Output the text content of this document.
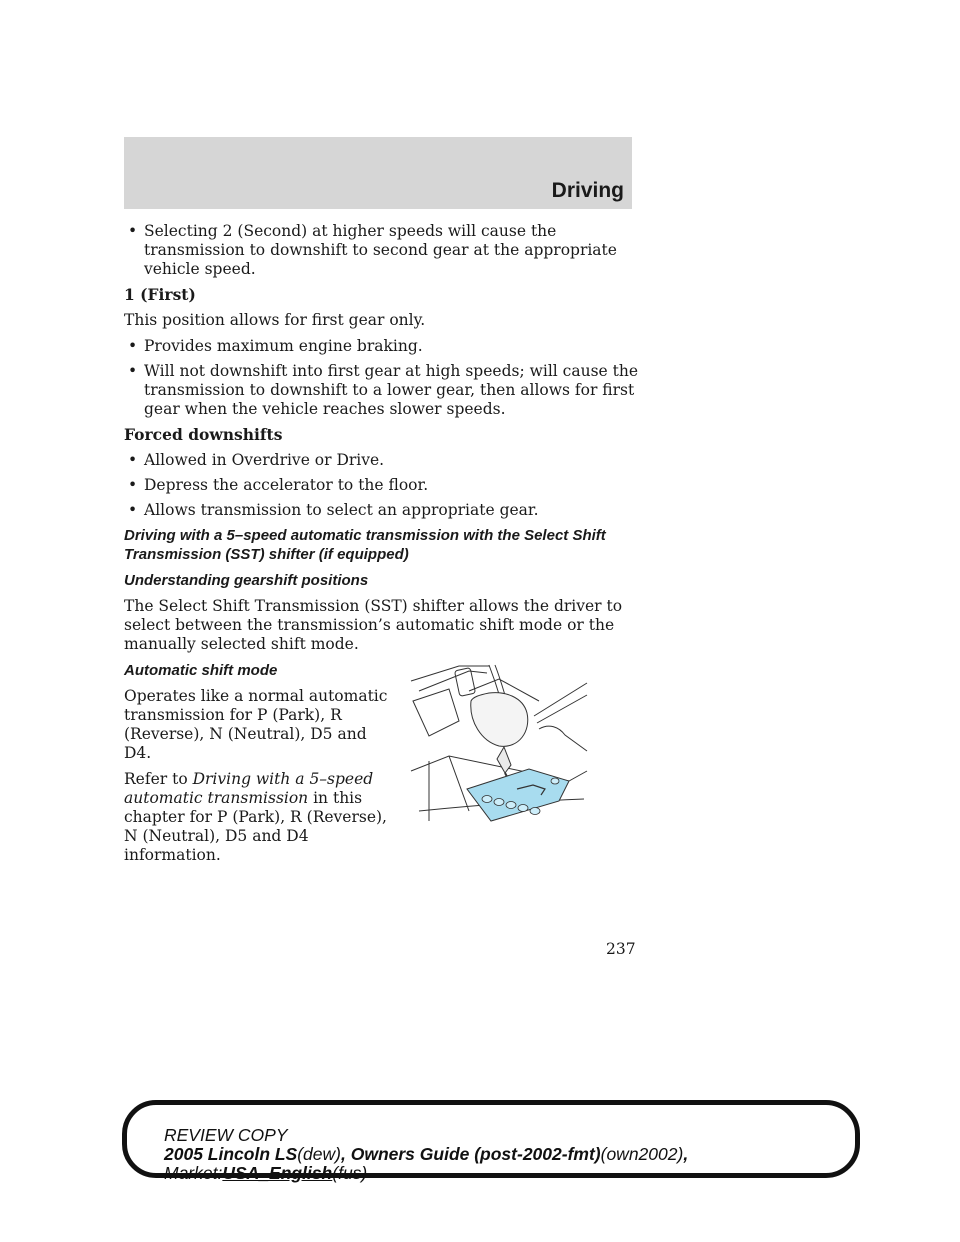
Driving
• Selecting 2 (Second) at higher speeds will cause the transmission to downshift to second gear at the appropriate vehicle speed.
1 (First)
This position allows for first gear only.
• Provides maximum engine braking.
• Will not downshift into first gear at high speeds; will cause the transmission to downshift to a lower gear, then allows for first gear when the vehicle reaches slower speeds.
Forced downshifts
• Allowed in Overdrive or Drive.
• Depress the accelerator to the floor.
• Allows transmission to select an appropriate gear.
Driving with a 5–speed automatic transmission with the Select Shift Transmission (SST) shifter (if equipped)
Understanding gearshift positions
The Select Shift Transmission (SST) shifter allows the driver to select between the transmission’s automatic shift mode or the manually selected shift mode.
Automatic shift mode
Operates like a normal automatic transmission for P (Park), R (Reverse), N (Neutral), D5 and D4.
Refer to Driving with a 5–speed automatic transmission in this chapter for P (Park), R (Reverse), N (Neutral), D5 and D4 information.
237
REVIEW COPY
2005 Lincoln LS(dew), Owners Guide (post-2002-fmt)(own2002),
Market:USA_English(fus)
